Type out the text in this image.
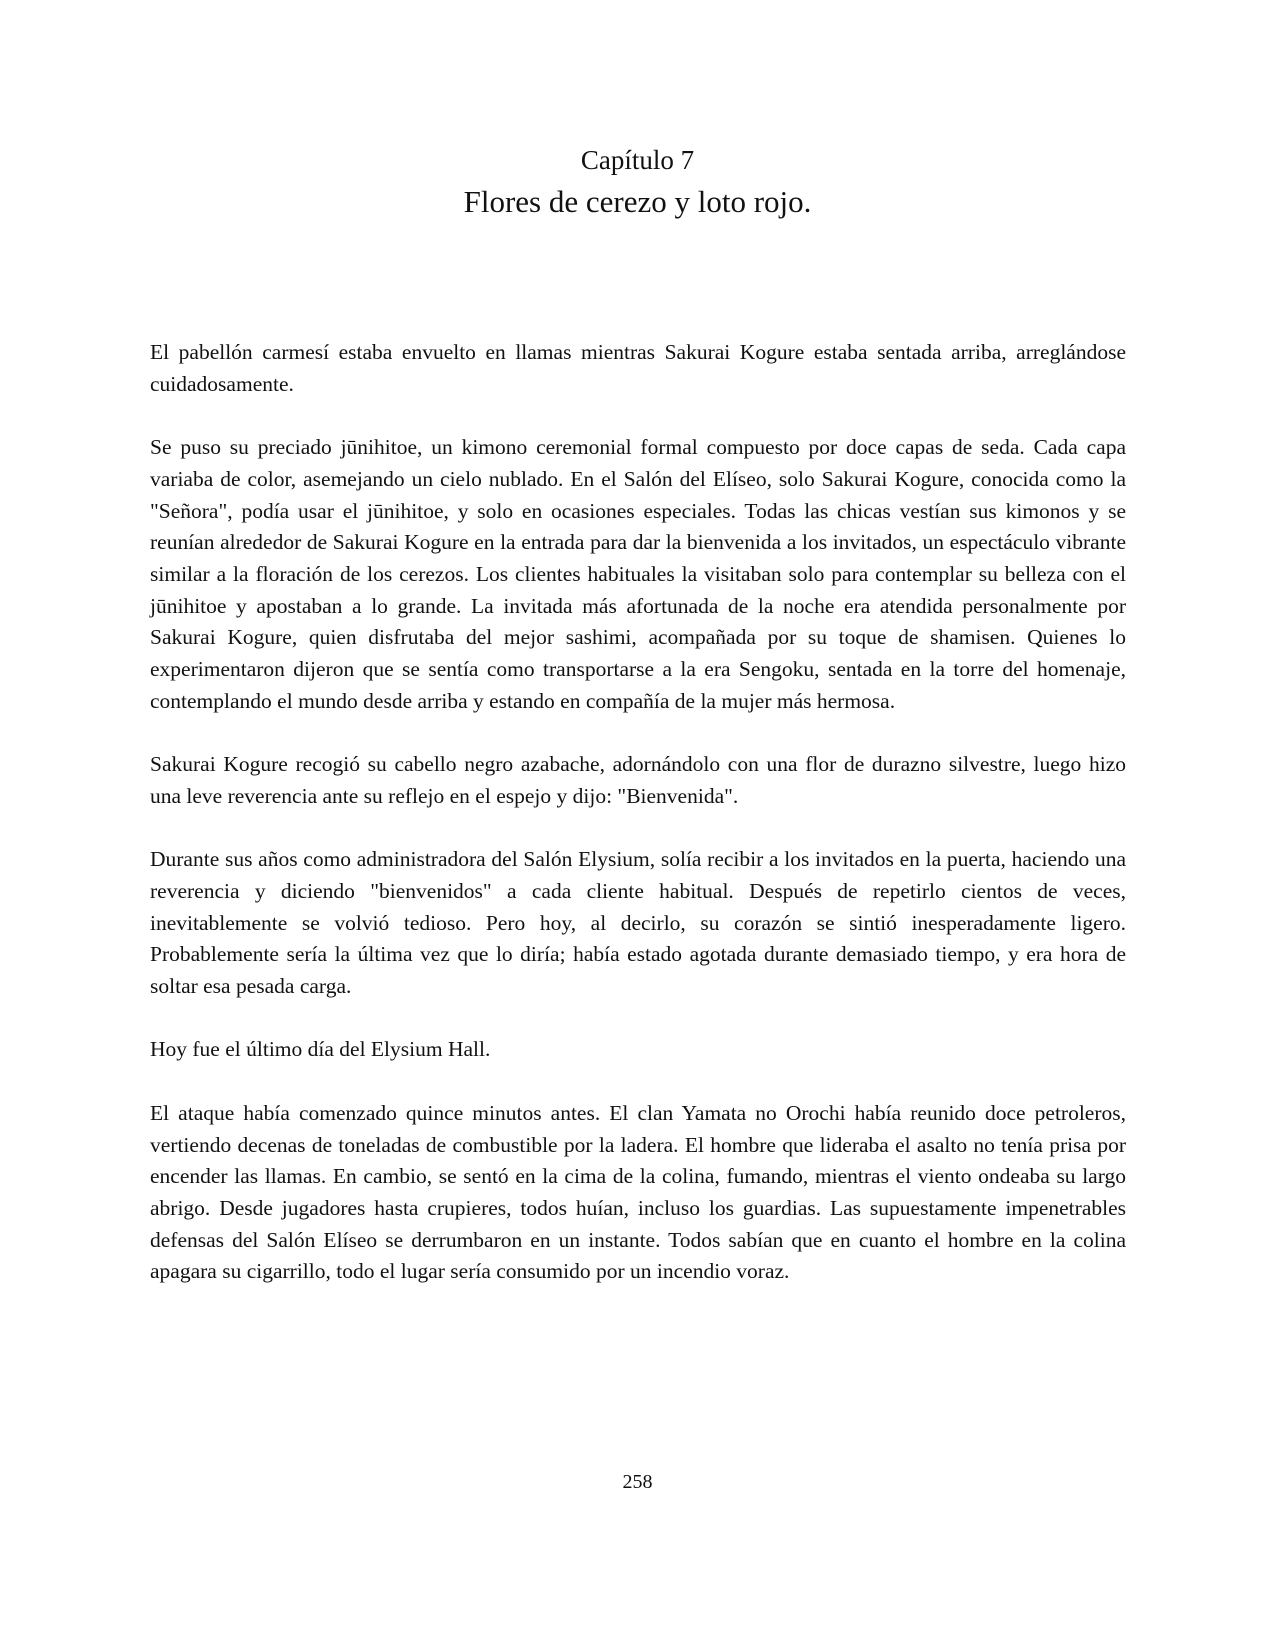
Capítulo 7
Flores de cerezo y loto rojo.

El pabellón carmesí estaba envuelto en llamas mientras Sakurai Kogure estaba sentada arriba, arreglándose cuidadosamente.

Se puso su preciado jūnihitoe, un kimono ceremonial formal compuesto por doce capas de seda. Cada capa variaba de color, asemejando un cielo nublado. En el Salón del Elíseo, solo Sakurai Kogure, conocida como la "Señora", podía usar el jūnihitoe, y solo en ocasiones especiales. Todas las chicas vestían sus kimonos y se reunían alrededor de Sakurai Kogure en la entrada para dar la bienvenida a los invitados, un espectáculo vibrante similar a la floración de los cerezos. Los clientes habituales la visitaban solo para contemplar su belleza con el jūnihitoe y apostaban a lo grande. La invitada más afortunada de la noche era atendida personalmente por Sakurai Kogure, quien disfrutaba del mejor sashimi, acompañada por su toque de shamisen. Quienes lo experimentaron dijeron que se sentía como transportarse a la era Sengoku, sentada en la torre del homenaje, contemplando el mundo desde arriba y estando en compañía de la mujer más hermosa.

Sakurai Kogure recogió su cabello negro azabache, adornándolo con una flor de durazno silvestre, luego hizo una leve reverencia ante su reflejo en el espejo y dijo: "Bienvenida".

Durante sus años como administradora del Salón Elysium, solía recibir a los invitados en la puerta, haciendo una reverencia y diciendo "bienvenidos" a cada cliente habitual. Después de repetirlo cientos de veces, inevitablemente se volvió tedioso. Pero hoy, al decirlo, su corazón se sintió inesperadamente ligero. Probablemente sería la última vez que lo diría; había estado agotada durante demasiado tiempo, y era hora de soltar esa pesada carga.

Hoy fue el último día del Elysium Hall.

El ataque había comenzado quince minutos antes. El clan Yamata no Orochi había reunido doce petroleros, vertiendo decenas de toneladas de combustible por la ladera. El hombre que lideraba el asalto no tenía prisa por encender las llamas. En cambio, se sentó en la cima de la colina, fumando, mientras el viento ondeaba su largo abrigo. Desde jugadores hasta crupieres, todos huían, incluso los guardias. Las supuestamente impenetrables defensas del Salón Elíseo se derrumbaron en un instante. Todos sabían que en cuanto el hombre en la colina apagara su cigarrillo, todo el lugar sería consumido por un incendio voraz.

258
